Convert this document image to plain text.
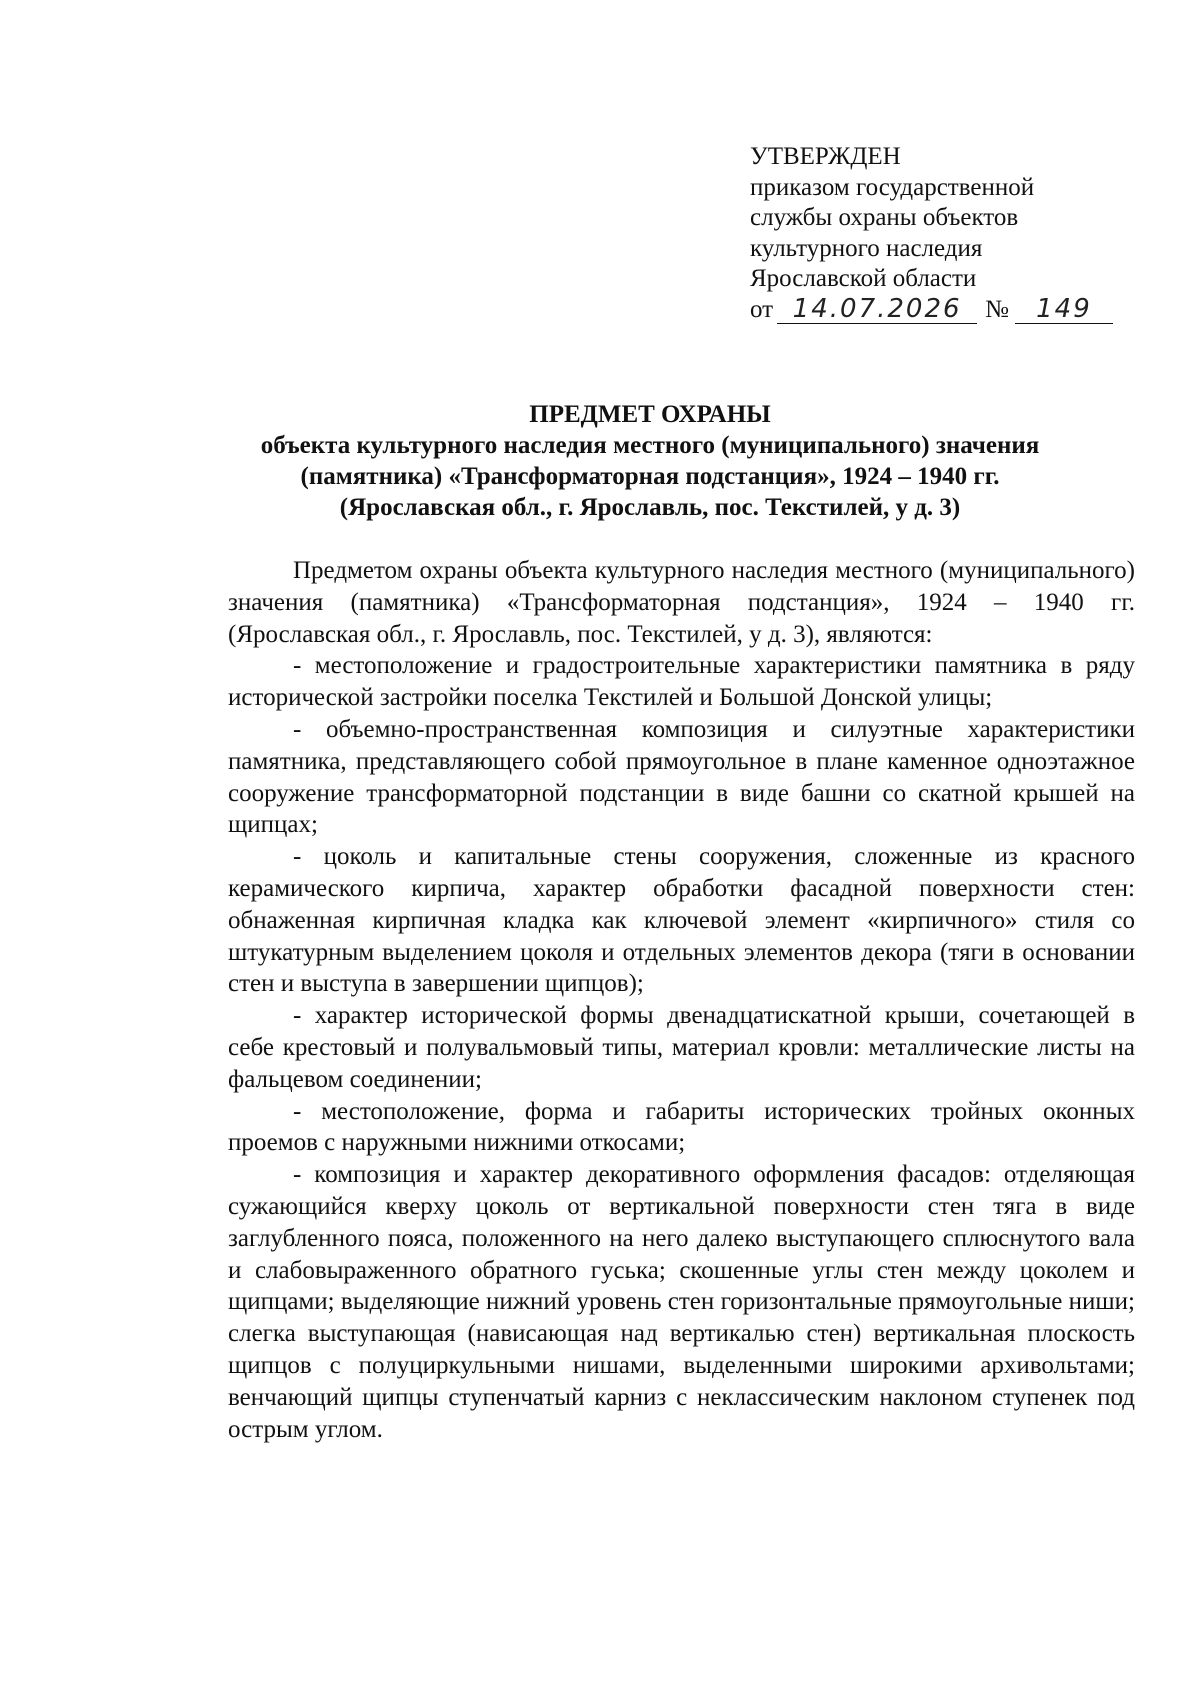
УТВЕРЖДЕН
приказом государственной
службы охраны объектов
культурного наследия
Ярославской области
от 14.07.2026 №	149
ПРЕДМЕТ ОХРАНЫ
объекта культурного наследия местного (муниципального) значения
(памятника) «Трансформаторная подстанция», 1924 – 1940 гг.
(Ярославская обл., г. Ярославль, пос. Текстилей, у д. 3)

Предметом охраны объекта культурного наследия местного (муниципального) значения (памятника) «Трансформаторная подстанция», 1924 – 1940 гг. (Ярославская обл., г. Ярославль, пос. Текстилей, у д. 3), являются:

- местоположение и градостроительные характеристики памятника в ряду исторической застройки поселка Текстилей и Большой Донской улицы;

- объемно-пространственная композиция и силуэтные характеристики памятника, представляющего собой прямоугольное в плане каменное одноэтажное сооружение трансформаторной подстанции в виде башни со скатной крышей на щипцах;

- цоколь и капитальные стены сооружения, сложенные из красного керамического кирпича, характер обработки фасадной поверхности стен: обнаженная кирпичная кладка как ключевой элемент «кирпичного» стиля со штукатурным выделением цоколя и отдельных элементов декора (тяги в основании стен и выступа в завершении щипцов);

- характер исторической формы двенадцатискатной крыши, сочетающей в себе крестовый и полувальмовый типы, материал кровли: металлические листы на фальцевом соединении;

- местоположение, форма и габариты исторических тройных оконных проемов с наружными нижними откосами;

- композиция и характер декоративного оформления фасадов: отделяющая сужающийся кверху цоколь от вертикальной поверхности стен тяга в виде заглубленного пояса, положенного на него далеко выступающего сплюснутого вала и слабовыраженного обратного гуська; скошенные углы стен между цоколем и щипцами; выделяющие нижний уровень стен горизонтальные прямоугольные ниши; слегка выступающая (нависающая над вертикалью стен) вертикальная плоскость щипцов с полуциркульными нишами, выделенными широкими архивольтами; венчающий щипцы ступенчатый карниз с неклассическим наклоном ступенек под острым углом.
